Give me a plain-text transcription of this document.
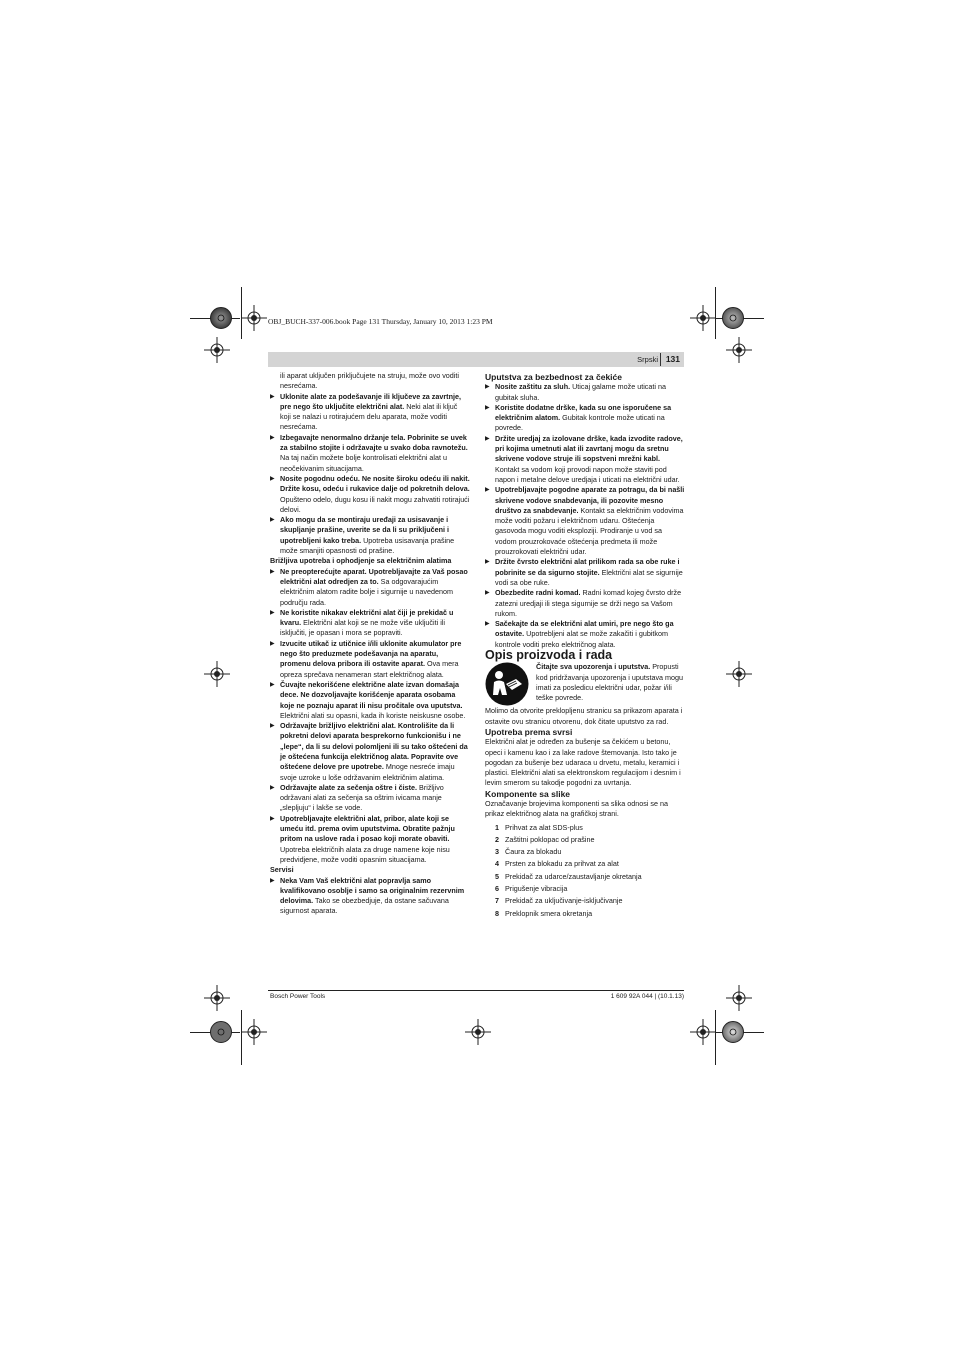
OBJ_BUCH-337-006.book Page 131 Thursday, January 10, 2013 1:23 PM
Srpski 131

ili aparat uključen priključujete na struju, može ovo voditi nesrećama.

▶ Uklonite alate za podešavanje ili ključeve za zavrtnje, pre nego što uključite električni alat. Neki alat ili ključ koji se nalazi u rotirajućem delu aparata, može voditi nesrećama.

▶ Izbegavajte nenormalno držanje tela. Pobrinite se uvek za stabilno stojite i održavajte u svako doba ravnotežu. Na taj način možete bolje kontrolisati električni alat u neočekivanim situacijama.

▶ Nosite pogodnu odeću. Ne nosite široku odeću ili nakit. Držite kosu, odeću i rukavice dalje od pokretnih delova.

Opušteno odelo, dugu kosu ili nakit mogu zahvatiti rotirajući delovi.

▶ Ako mogu da se montiraju uređaji za usisavanje i skupljanje prašine, uverite se da li su priključeni i upotrebljeni kako treba. Upotreba usisavanja prašine može smanjiti opasnosti od prašine.

Brižljiva upotreba i ophodjenje sa električnim alatima

▶ Ne preopterećujte aparat. Upotrebljavajte za Vaš posao električni alat odredjen za to. Sa odgovarajućim električnim alatom radite bolje i sigurnije u navedenom području rada.

▶ Ne koristite nikakav električni alat čiji je prekidač u kvaru. Električni alat koji se ne može više uključiti ili isključiti, je opasan i mora se popraviti.

▶ Izvucite utikač iz utičnice i/ili uklonite akumulator pre nego što preduzmete podešavanja na aparatu, promenu delova pribora ili ostavite aparat. Ova mera opreza sprečava nenameran start električnog alata.

▶ Čuvajte nekorišćene električne alate izvan domašaja dece. Ne dozvoljavajte korišćenje aparata osobama koje ne poznaju aparat ili nisu pročitale ova uputstva. Električni alati su opasni, kada ih koriste neiskusne osobe.

▶ Održavajte brižljivo električni alat. Kontrolišite da li pokretni delovi aparata besprekorno funkcionišu i ne „lepe“, da li su delovi polomljeni ili su tako oštećeni da je oštećena funkcija električnog alata. Popravite ove oštećene delove pre upotrebe. Mnoge nesreće imaju svoje uzroke u loše održavanim električnim alatima.

▶ Održavajte alate za sečenja oštre i čiste. Brižljivo održavani alati za sečenja sa oštrim ivicama manje „slepljuju“ i lakše se vode.

▶ Upotrebljavajte električni alat, pribor, alate koji se umeću itd. prema ovim uputstvima. Obratite pažnju pritom na uslove rada i posao koji morate obaviti. Upotreba električnih alata za druge namene koje nisu predvidjene, može voditi opasnim situacijama.

Servisi

▶ Neka Vam Vaš električni alat popravlja samo kvalifikovano osoblje i samo sa originalnim rezervnim delovima. Tako se obezbedjuje, da ostane sačuvana sigurnost aparata.

Uputstva za bezbednost za čekiće

▶ Nosite zaštitu za sluh. Uticaj galame može uticati na gubitak sluha.

▶ Koristite dodatne drške, kada su one isporučene sa električnim alatom. Gubitak kontrole može uticati na povrede.

▶ Držite uredjaj za izolovane drške, kada izvodite radove, pri kojima umetnuti alat ili zavrtanj mogu da sretnu skrivene vodove struje ili sopstveni mrežni kabl.

Kontakt sa vodom koji provodi napon može staviti pod napon i metalne delove uredjaja i uticati na električni udar.

▶ Upotrebljavajte pogodne aparate za potragu, da bi našli skrivene vodove snabdevanja, ili pozovite mesno društvo za snabdevanje. Kontakt sa električnim vodovima može voditi požaru i električnom udaru. Oštećenja gasovoda mogu voditi eksploziji. Prodiranje u vod sa vodom prouzrokovaće oštećenja predmeta ili može prouzrokovati električni udar.

▶ Držite čvrsto električni alat prilikom rada sa obe ruke i pobrinite se da sigurno stojite. Električni alat se sigurnije vodi sa obe ruke.

▶ Obezbedite radni komad. Radni komad kojeg čvrsto drže zatezni uredjaji ili stega sigurnije se drži nego sa Vašom rukom.

▶ Sačekajte da se električni alat umiri, pre nego što ga ostavite. Upotrebljeni alat se može zakačiti i gubitkom kontrole voditi preko električnog alata.

Opis proizvoda i rada

Čitajte sva upozorenja i uputstva. Propusti kod pridržavanja upozorenja i uputstava mogu imati za posledicu električni udar, požar i/ili teške povrede.

Molimo da otvorite preklopljenu stranicu sa prikazom aparata i ostavite ovu stranicu otvorenu, dok čitate uputstvo za rad.

Upotreba prema svrsi

Električni alat je određen za bušenje sa čekićem u betonu, opeci i kamenu kao i za lake radove štemovanja. Isto tako je pogodan za bušenje bez udaraca u drvetu, metalu, keramici i plastici. Električni alati sa elektronskom regulacijom i desnim i levim smerom su takodje pogodni za uvrtanja.

Komponente sa slike

Označavanje brojevima komponenti sa slika odnosi se na prikaz električnog alata na grafičkoj strani.

1 Prihvat za alat SDS-plus
2 Zaštitni poklopac od prašine
3 Čaura za blokadu
4 Prsten za blokadu za prihvat za alat
5 Prekidač za udarce/zaustavljanje okretanja
6 Prigušenje vibracija
7 Prekidač za uključivanje-isključivanje
8 Preklopnik smera okretanja
Bosch Power Tools	1 609 92A 044 | (10.1.13)
